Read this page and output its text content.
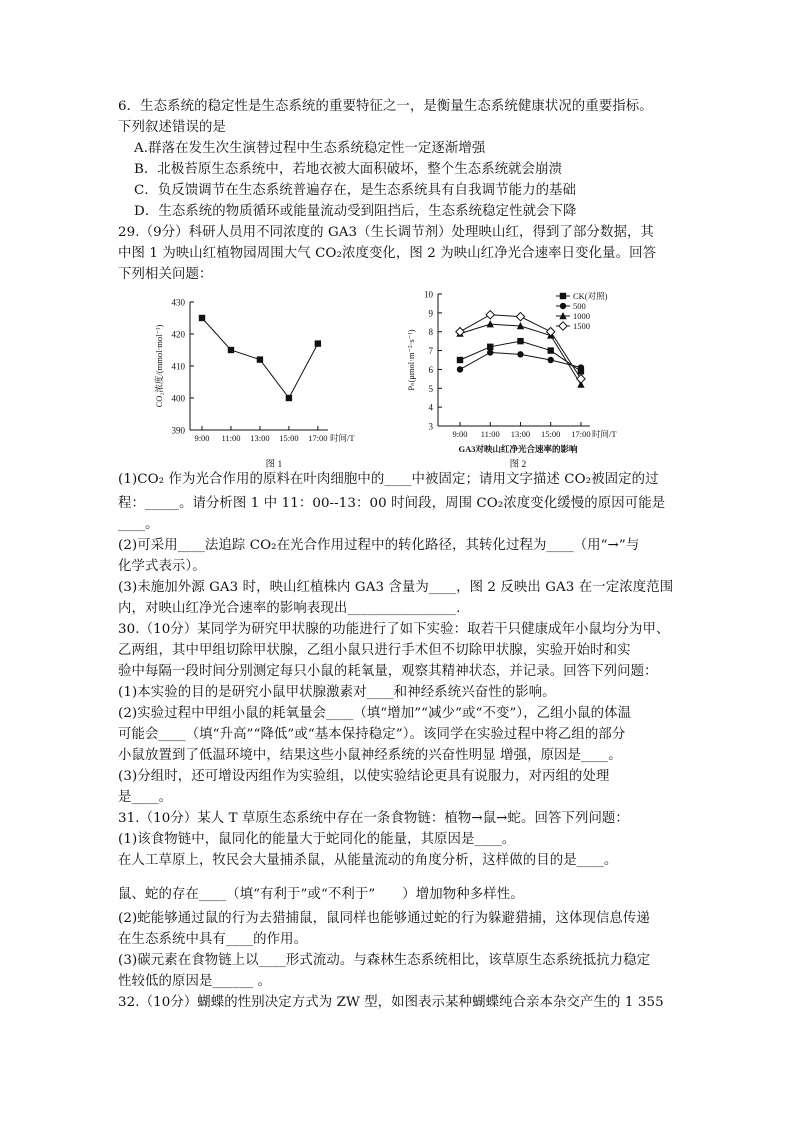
6．生态系统的稳定性是生态系统的重要特征之一，是衡量生态系统健康状况的重要指标。
下列叙述错误的是
A.群落在发生次生演替过程中生态系统稳定性一定逐渐增强
B．北极苔原生态系统中，若地衣被大面积破坏，整个生态系统就会崩溃
C．负反馈调节在生态系统普遍存在，是生态系统具有自我调节能力的基础
D．生态系统的物质循环或能量流动受到阻挡后，生态系统稳定性就会下降
29.（9分）科研人员用不同浓度的 GA3（生长调节剂）处理映山红，得到了部分数据，其
中图 1 为映山红植物园周围大气 CO₂浓度变化，图 2 为映山红净光合速率日变化量。回答
下列相关问题：
390
400
410
420
430
9:00 11:00 13:00 15:00 17:00 时间/T
CO₂浓度/(mmol·mol⁻¹)
图 1
3
4
5
6
7
8
9
10
9:00 11:00 13:00 15:00 17:00 时间/T
Pₙ(μmol·m⁻²·s⁻¹)
CK(对照)
500
1000
1500
GA3对映山红净光合速率的影响
图 2
(1)CO₂ 作为光合作用的原料在叶肉细胞中的____中被固定；请用文字描述 CO₂被固定的过
程：_____。请分析图 1 中 11：00--13：00 时间段，周围 CO₂浓度变化缓慢的原因可能是
____。
(2)可采用____法追踪 CO₂在光合作用过程中的转化路径，其转化过程为____（用“→”与
化学式表示）。
(3)未施加外源 GA3 时，映山红植株内 GA3 含量为____，图 2 反映出 GA3 在一定浓度范围
内，对映山红净光合速率的影响表现出________________.
30.（10分）某同学为研究甲状腺的功能进行了如下实验：取若干只健康成年小鼠均分为甲、
乙两组，其中甲组切除甲状腺，乙组小鼠只进行手术但不切除甲状腺，实验开始时和实
验中每隔一段时间分别测定每只小鼠的耗氧量，观察其精神状态，并记录。回答下列问题：
(1)本实验的目的是研究小鼠甲状腺激素对____和神经系统兴奋性的影响。
(2)实验过程中甲组小鼠的耗氧量会____（填“增加”“减少”或“不变”），乙组小鼠的体温
可能会____（填“升高”“降低”或“基本保持稳定”）。该同学在实验过程中将乙组的部分
小鼠放置到了低温环境中，结果这些小鼠神经系统的兴奋性明显 增强，原因是____。
(3)分组时，还可增设丙组作为实验组，以使实验结论更具有说服力，对丙组的处理
是____。
31.（10分）某人 T 草原生态系统中存在一条食物链：植物→鼠→蛇。回答下列问题：
(1)该食物链中，鼠同化的能量大于蛇同化的能量，其原因是____。
在人工草原上，牧民会大量捕杀鼠，从能量流动的角度分析，这样做的目的是____。
鼠、蛇的存在____（填“有利于”或“不利于”　　）增加物种多样性。
(2)蛇能够通过鼠的行为去猎捕鼠，鼠同样也能够通过蛇的行为躲避猎捕，这体现信息传递
在生态系统中具有____的作用。
(3)碳元素在食物链上以____形式流动。与森林生态系统相比，该草原生态系统抵抗力稳定
性较低的原因是______ 。
32.（10分）蝴蝶的性别决定方式为 ZW 型，如图表示某种蝴蝶纯合亲本杂交产生的 1 355
